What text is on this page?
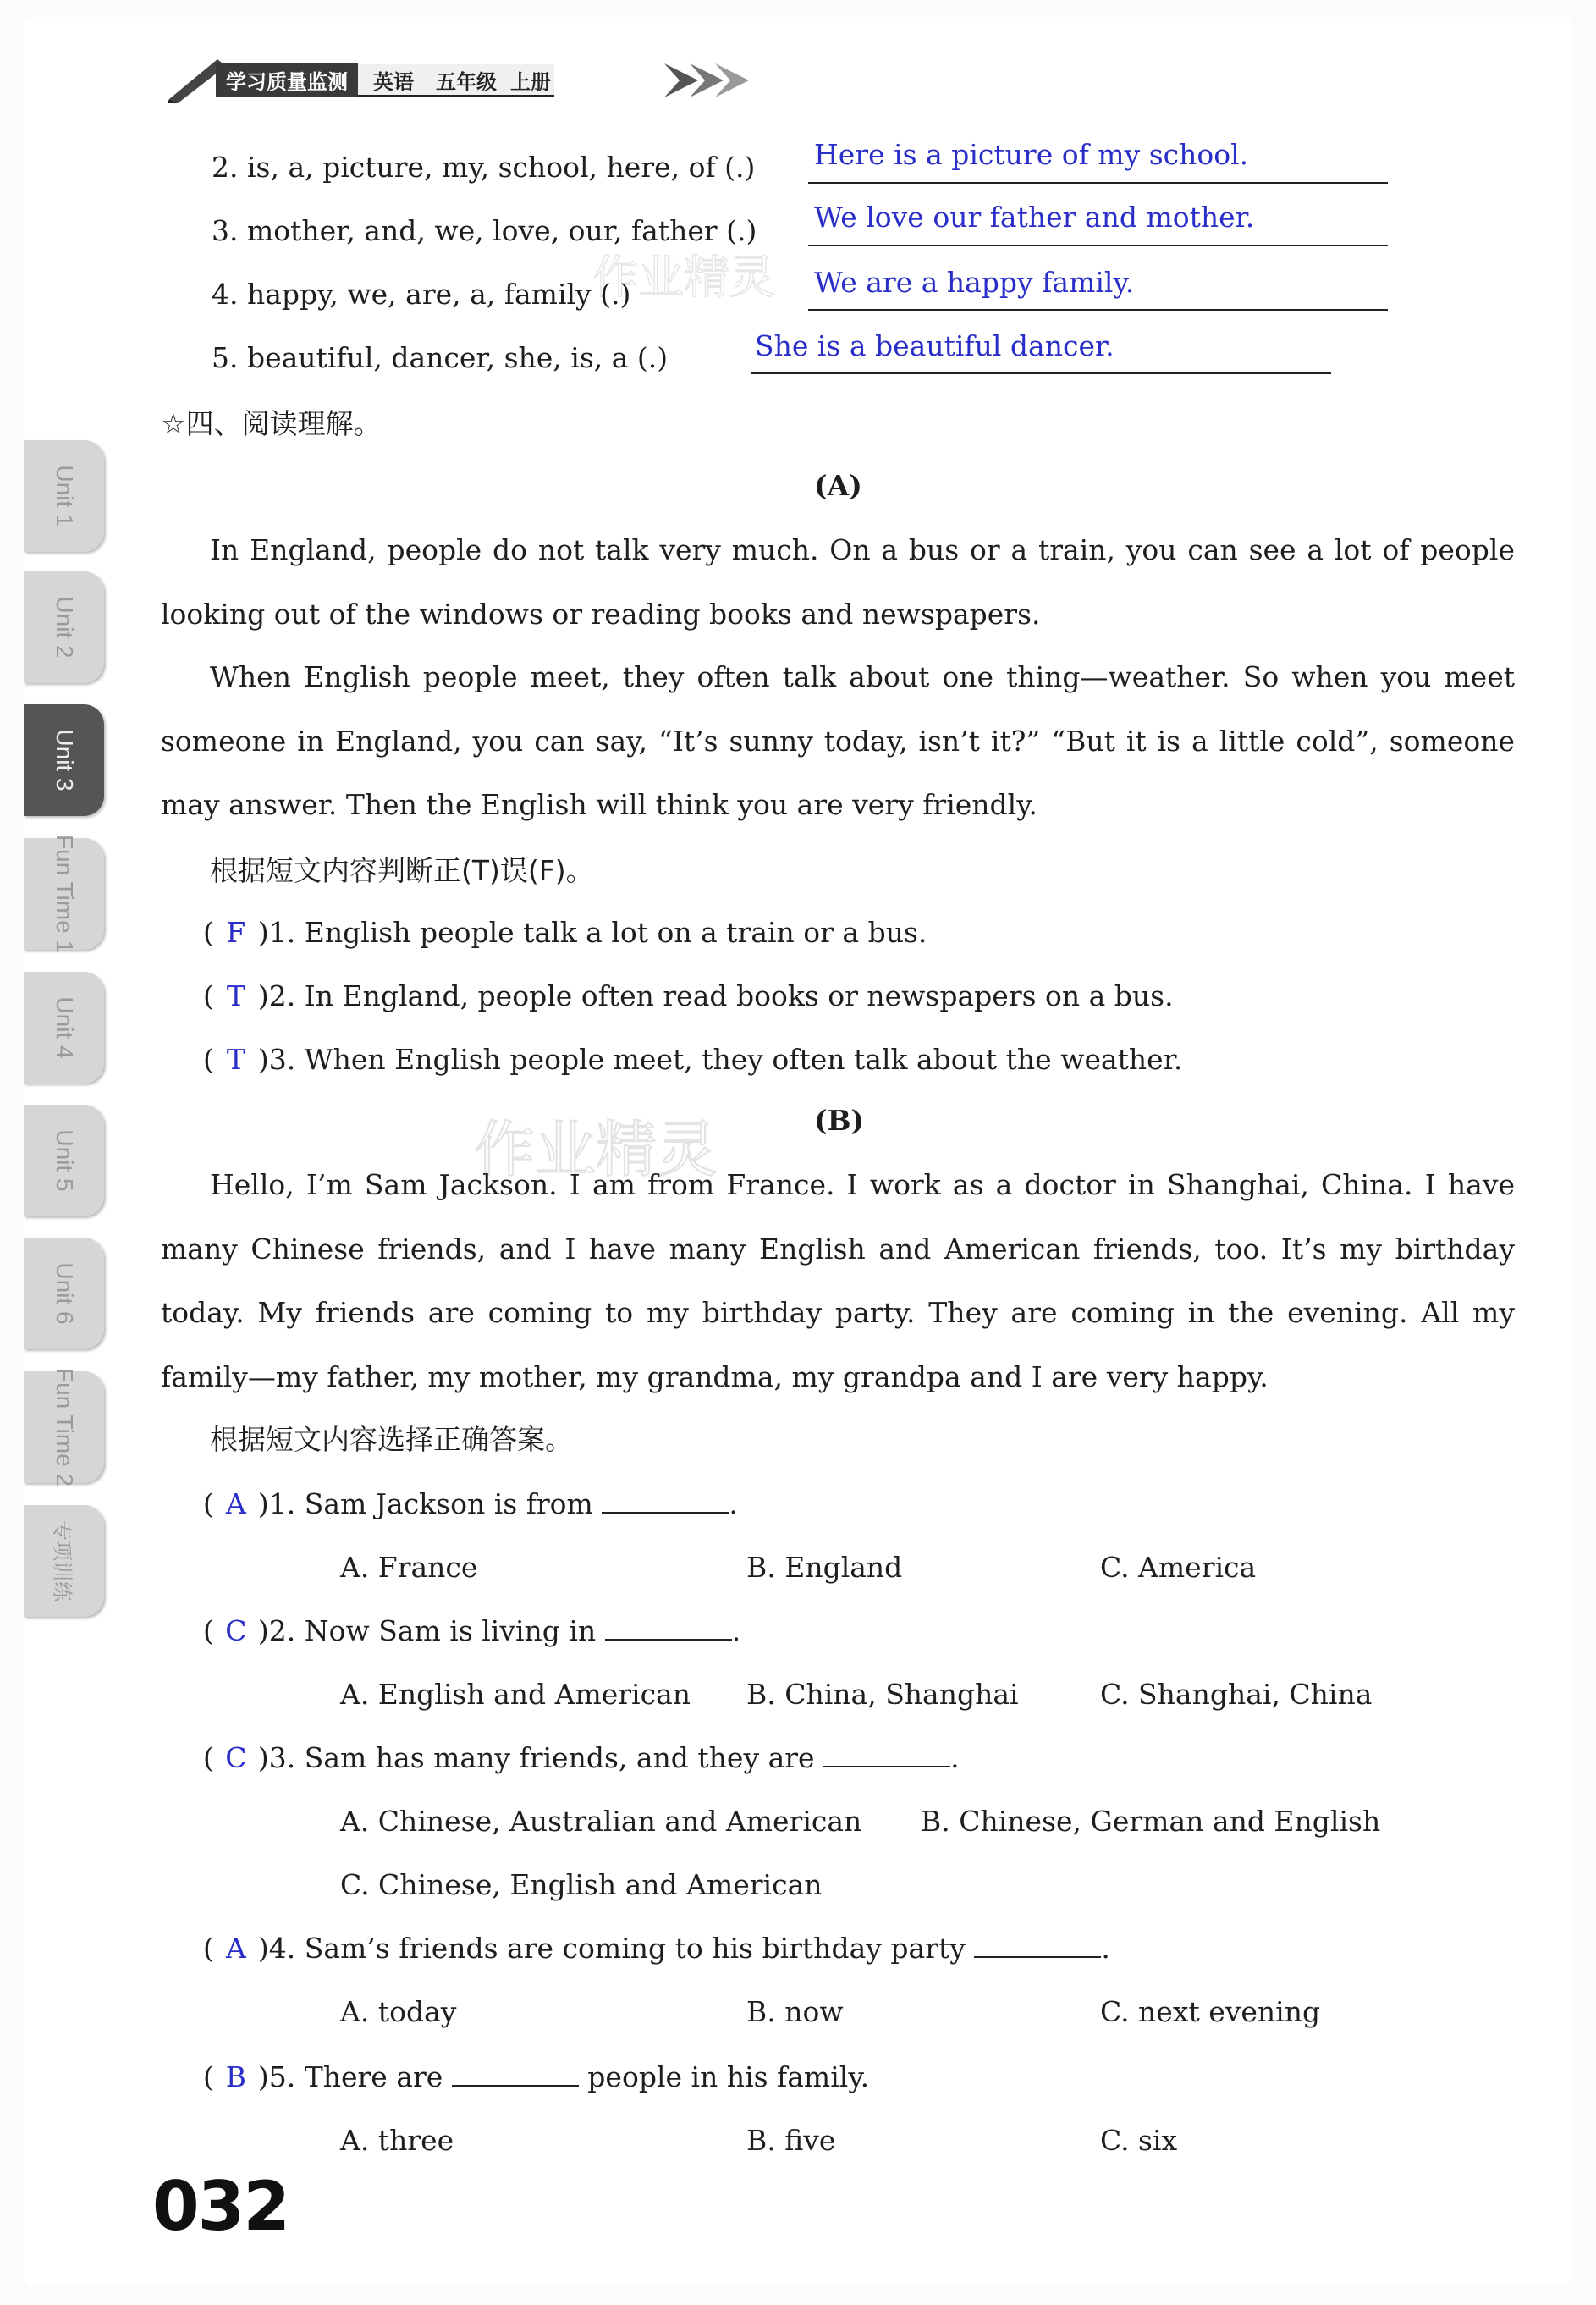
学习质量监测	英语 五年级 上册
Unit 1
Unit 2
Unit 3
Fun Time 1
Unit 4
Unit 5
Unit 6
Fun Time 2
专项训练
作业精灵
作业精灵
2. is, a, picture, my, school, here, of (.) Here is a picture of my school.
3. mother, and, we, love, our, father (.) We love our father and mother.
4. happy, we, are, a, family (.)	We are a happy family.
5. beautiful, dancer, she, is, a (.)	She is a beautiful dancer.
☆四、阅读理解。
(A)
In England, people do not talk very much. On a bus or a train, you can see a lot of people looking out of the windows or reading books and newspapers.
When English people meet, they often talk about one thing—weather. So when you meet someone in England, you can say, “It’s sunny today, isn’t it?” “But it is a little cold”, someone may answer. Then the English will think you are very friendly.
根据短文内容判断正(T)误(F)。
( F )1. English people talk a lot on a train or a bus.
( T )2. In England, people often read books or newspapers on a bus.
( T )3. When English people meet, they often talk about the weather.
(B)
Hello, I’m Sam Jackson. I am from France. I work as a doctor in Shanghai, China. I have many Chinese friends, and I have many English and American friends, too. It’s my birthday today. My friends are coming to my birthday party. They are coming in the evening. All my family—my father, my mother, my grandma, my grandpa and I are very happy.
根据短文内容选择正确答案。
( A )1. Sam Jackson is from	.
A. France	B. England	C. America
( C )2. Now Sam is living in	.
A. English and American B. China, Shanghai	C. Shanghai, China
( C )3. Sam has many friends, and they are	.
A. Chinese, Australian and American B. Chinese, German and English
C. Chinese, English and American
( A )4. Sam’s friends are coming to his birthday party	.
A. today	B. now	C. next evening
( B )5. There are	people in his family.
A. three	B. five	C. six
032
